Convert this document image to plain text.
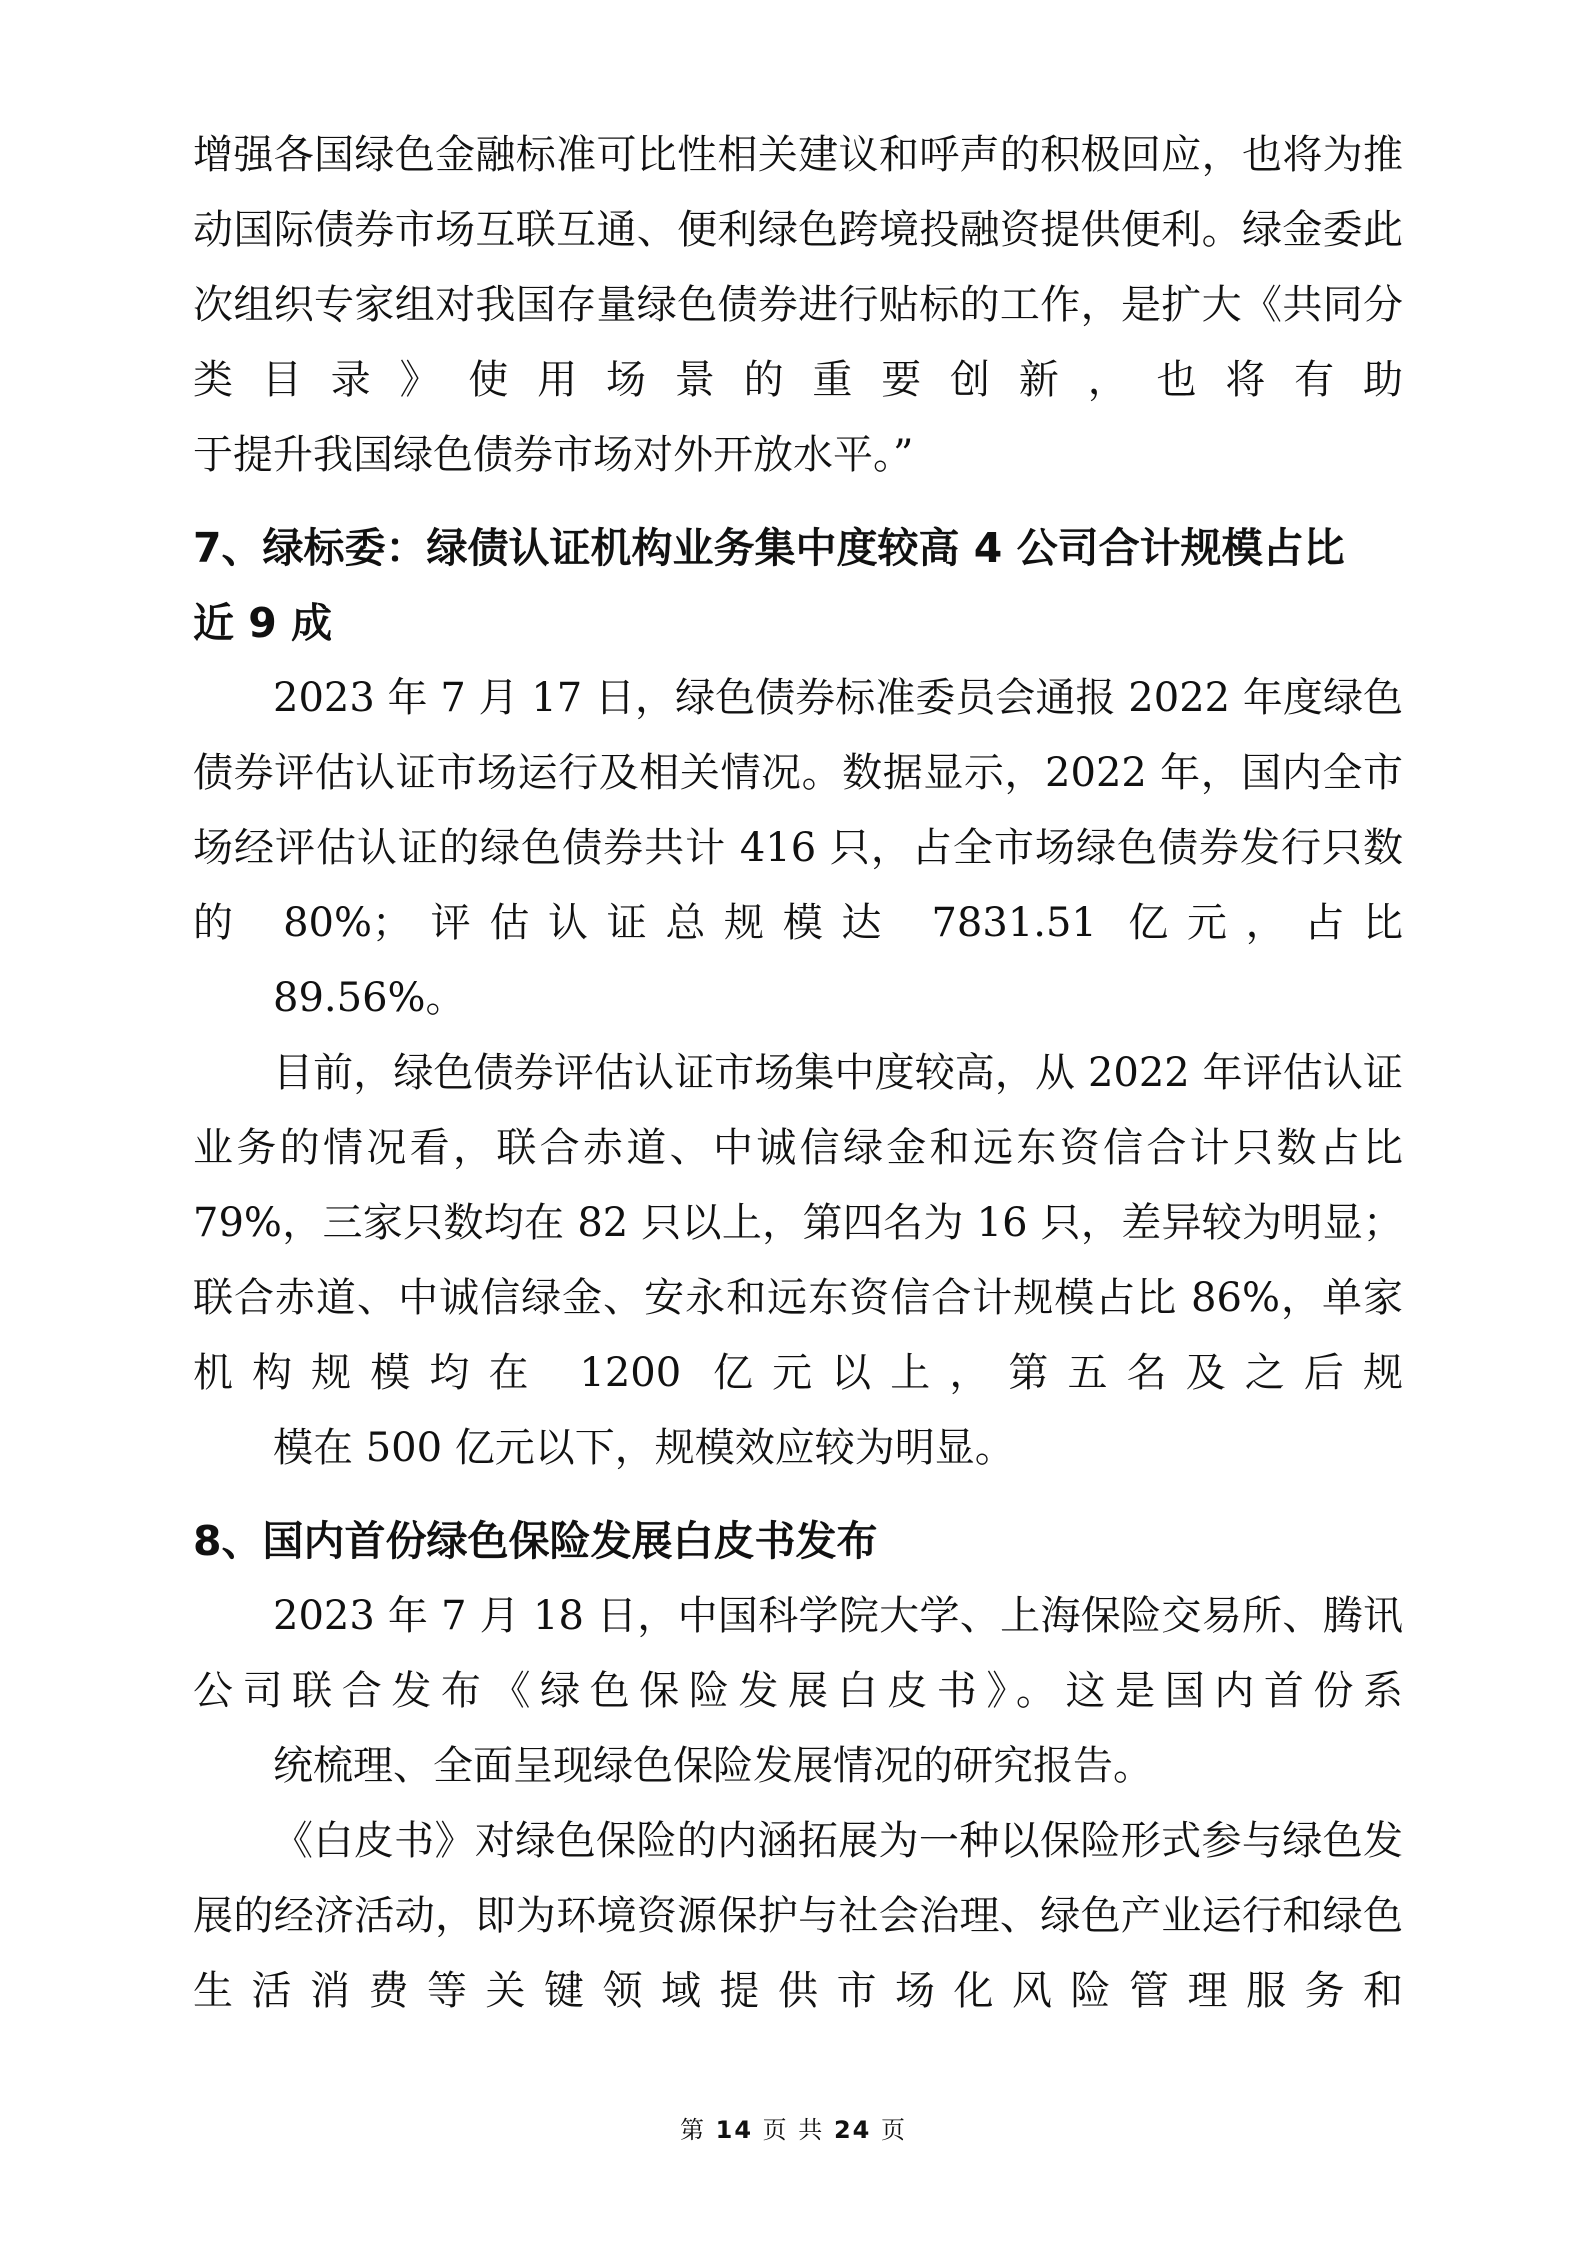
增强各国绿色金融标准可比性相关建议和呼声的积极回应，也将为推动国际债券市场互联互通、便利绿色跨境投融资提供便利。绿金委此次组织专家组对我国存量绿色债券进行贴标的工作，是扩大《共同分类目录》使用场景的重要创新，也将有助
于提升我国绿色债券市场对外开放水平。”
7、绿标委：绿债认证机构业务集中度较高 4 公司合计规模占比
近 9 成
2023 年 7 月 17 日，绿色债券标准委员会通报 2022 年度绿色债券评估认证市场运行及相关情况。数据显示，2022 年，国内全市场经评估认证的绿色债券共计 416 只，占全市场绿色债券发行只数的 80%；评估认证总规模达 7831.51 亿元，占比
89.56%。
目前，绿色债券评估认证市场集中度较高，从 2022 年评估认证业务的情况看，联合赤道、中诚信绿金和远东资信合计只数占比 79%，三家只数均在 82 只以上，第四名为 16 只，差异较为明显；联合赤道、中诚信绿金、安永和远东资信合计规模占比 86%，单家机构规模均在 1200 亿元以上，第五名及之后规
模在 500 亿元以下，规模效应较为明显。
8、国内首份绿色保险发展白皮书发布
2023 年 7 月 18 日，中国科学院大学、上海保险交易所、腾讯公司联合发布《绿色保险发展白皮书》。这是国内首份系
统梳理、全面呈现绿色保险发展情况的研究报告。
《白皮书》对绿色保险的内涵拓展为一种以保险形式参与绿色发展的经济活动，即为环境资源保护与社会治理、绿色产业运行和绿色生活消费等关键领域提供市场化风险管理服务和
第 14 页 共 24 页
